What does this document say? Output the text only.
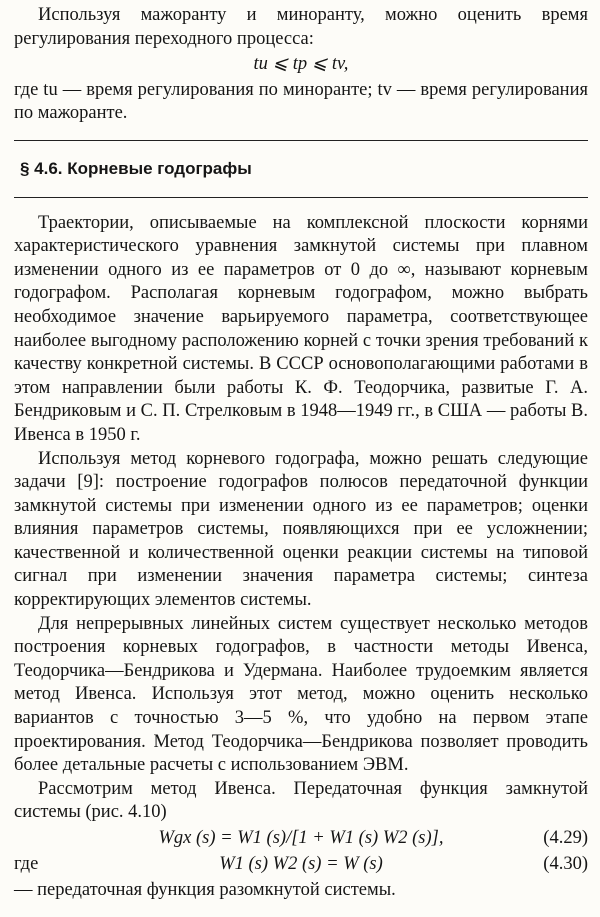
Используя мажоранту и миноранту, можно оценить время регулирования переходного процесса:

tu ⩽ tр ⩽ tv,

где tu — время регулирования по миноранте; tv — время регулирования по мажоранте.

§ 4.6. Корневые годографы

Траектории, описываемые на комплексной плоскости корнями характеристического уравнения замкнутой системы при плавном изменении одного из ее параметров от 0 до ∞, называют корневым годографом. Располагая корневым годографом, можно выбрать необходимое значение варьируемого параметра, соответствующее наиболее выгодному расположению корней с точки зрения требований к качеству конкретной системы. В СССР основополагающими работами в этом направлении были работы К. Ф. Теодорчика, развитые Г. А. Бендриковым и С. П. Стрелковым в 1948—1949 гг., в США — работы В. Ивенса в 1950 г.

Используя метод корневого годографа, можно решать следующие задачи [9]: построение годографов полюсов передаточной функции замкнутой системы при изменении одного из ее параметров; оценки влияния параметров системы, появляющихся при ее усложнении; качественной и количественной оценки реакции системы на типовой сигнал при изменении значения параметра системы; синтеза корректирующих элементов системы.

Для непрерывных линейных систем существует несколько методов построения корневых годографов, в частности методы Ивенса, Теодорчика—Бендрикова и Удермана. Наиболее трудоемким является метод Ивенса. Используя этот метод, можно оценить несколько вариантов с точностью 3—5 %, что удобно на первом этапе проектирования. Метод Теодорчика—Бендрикова позволяет проводить более детальные расчеты с использованием ЭВМ.

Рассмотрим метод Ивенса. Передаточная функция замкнутой системы (рис. 4.10)

Wgx (s) = W1 (s)/[1 + W1 (s) W2 (s)],	(4.29)
где	W1 (s) W2 (s) = W (s)	(4.30)

— передаточная функция разомкнутой системы.
